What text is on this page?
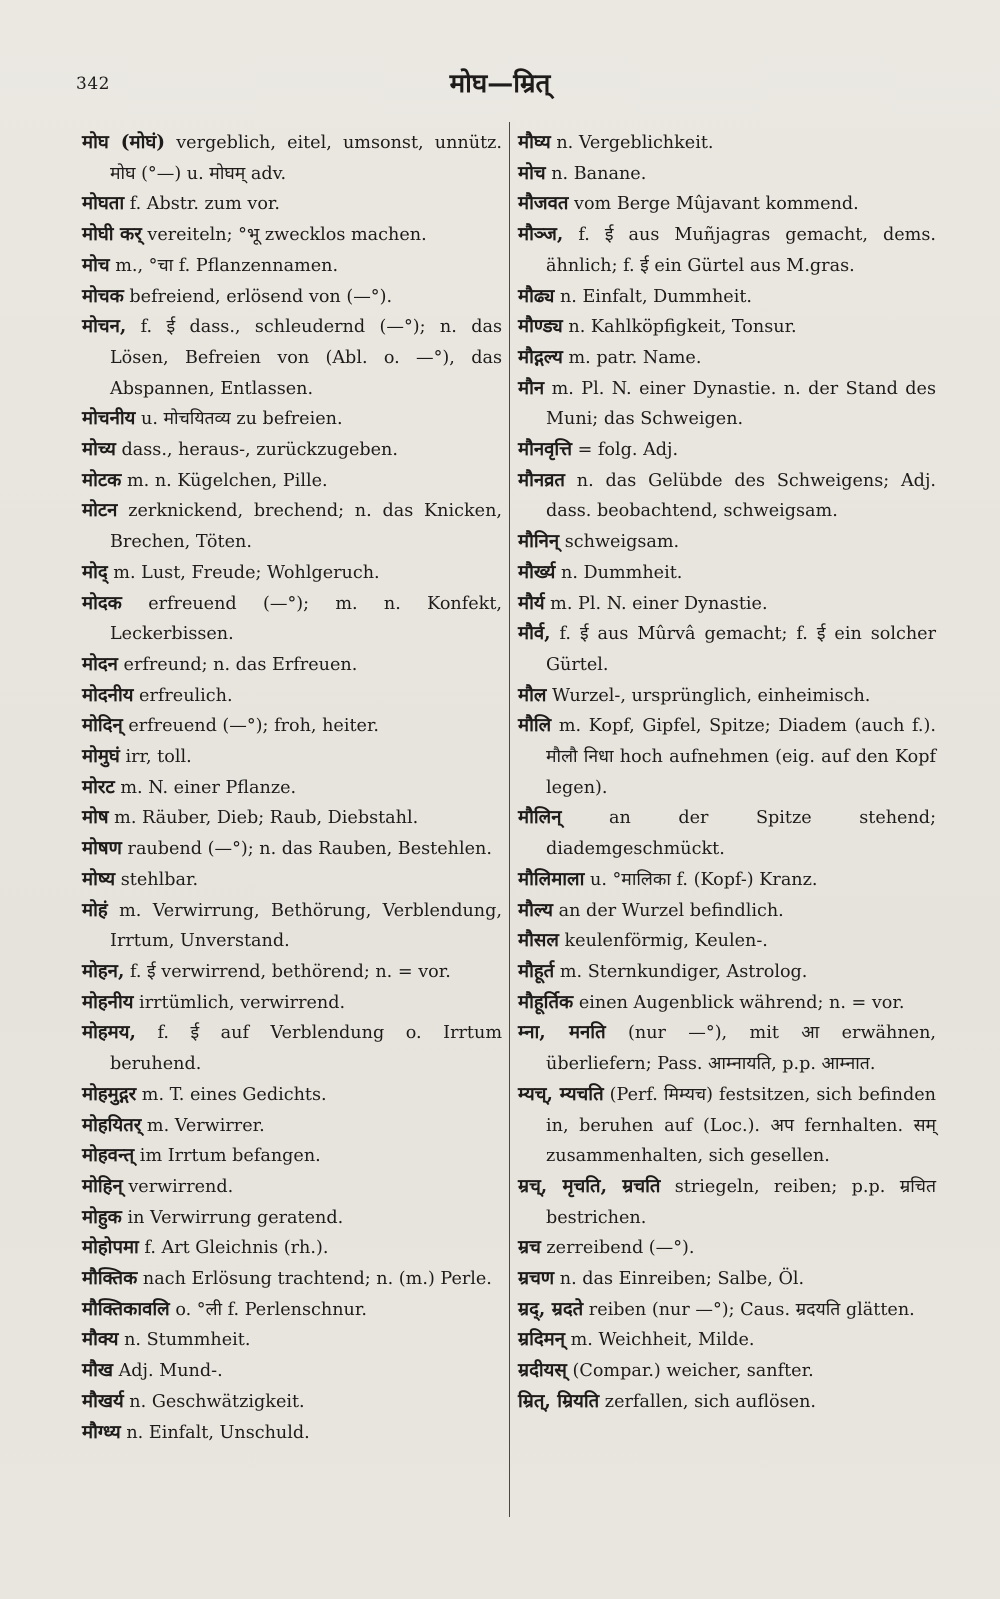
342	मोघ—म्रित्

मोघ (मोघं) vergeblich, eitel, umsonst, unnütz. मोघ (°—) u. मोघम् adv.

मोघता f. Abstr. zum vor.

मोघी कर् vereiteln; °भू zwecklos machen.

मोच m., °चा f. Pflanzennamen.

मोचक befreiend, erlösend von (—°).

मोचन, f. ई dass., schleudernd (—°); n. das Lösen, Befreien von (Abl. o. —°), das Abspannen, Entlassen.

मोचनीय u. मोचयितव्य zu befreien.

मोच्य dass., heraus-, zurückzugeben.

मोटक m. n. Kügelchen, Pille.

मोटन zerknickend, brechend; n. das Knicken, Brechen, Töten.

मोद् m. Lust, Freude; Wohlgeruch.

मोदक erfreuend (—°); m. n. Konfekt, Leckerbissen.

मोदन erfreund; n. das Erfreuen.

मोदनीय erfreulich.

मोदिन् erfreuend (—°); froh, heiter.

मोमुघं irr, toll.

मोरट m. N. einer Pflanze.

मोष m. Räuber, Dieb; Raub, Diebstahl.

मोषण raubend (—°); n. das Rauben, Bestehlen.

मोष्य stehlbar.

मोहं m. Verwirrung, Bethörung, Verblendung, Irrtum, Unverstand.

मोहन, f. ई verwirrend, bethörend; n. = vor.

मोहनीय irrtümlich, verwirrend.

मोहमय, f. ई auf Verblendung o. Irrtum beruhend.

मोहमुद्गर m. T. eines Gedichts.

मोहयितर् m. Verwirrer.

मोहवन्त् im Irrtum befangen.

मोहिन् verwirrend.

मोहुक in Verwirrung geratend.

मोहोपमा f. Art Gleichnis (rh.).

मौक्तिक nach Erlösung trachtend; n. (m.) Perle.

मौक्तिकावलि o. °ली f. Perlenschnur.

मौक्य n. Stummheit.

मौख Adj. Mund-.

मौखर्य n. Geschwätzigkeit.

मौग्ध्य n. Einfalt, Unschuld.

मौघ्य n. Vergeblichkeit.

मोच n. Banane.

मौजवत vom Berge Mûjavant kommend.

मौञ्ज, f. ई aus Muñjagras gemacht, dems. ähnlich; f. ई ein Gürtel aus M.gras.

मौढ्य n. Einfalt, Dummheit.

मौण्ड्य n. Kahlköpfigkeit, Tonsur.

मौद्गल्य m. patr. Name.

मौन m. Pl. N. einer Dynastie. n. der Stand des Muni; das Schweigen.

मौनवृत्ति = folg. Adj.

मौनव्रत n. das Gelübde des Schweigens; Adj. dass. beobachtend, schweigsam.

मौनिन् schweigsam.

मौर्ख्य n. Dummheit.

मौर्य m. Pl. N. einer Dynastie.

मौर्व, f. ई aus Mûrvâ gemacht; f. ई ein solcher Gürtel.

मौल Wurzel-, ursprünglich, einheimisch.

मौलि m. Kopf, Gipfel, Spitze; Diadem (auch f.). मौलौ निधा hoch aufnehmen (eig. auf den Kopf legen).

मौलिन् an der Spitze stehend; diademgeschmückt.

मौलिमाला u. °मालिका f. (Kopf-) Kranz.

मौल्य an der Wurzel befindlich.

मौसल keulenförmig, Keulen-.

मौहूर्त m. Sternkundiger, Astrolog.

मौहूर्तिक einen Augenblick während; n. = vor.

म्ना, मनति (nur —°), mit आ erwähnen, überliefern; Pass. आम्नायति, p.p. आम्नात.

म्यच्, म्यचति (Perf. मिम्यच) festsitzen, sich befinden in, beruhen auf (Loc.). अप fernhalten. सम् zusammenhalten, sich gesellen.

म्रच्, मृचति, म्रचति striegeln, reiben; p.p. म्रचित bestrichen.

म्रच zerreibend (—°).

म्रचण n. das Einreiben; Salbe, Öl.

म्रद्, म्रदते reiben (nur —°); Caus. म्रदयति glätten.

म्रदिमन् m. Weichheit, Milde.

म्रदीयस् (Compar.) weicher, sanfter.

म्रित्, म्रियति zerfallen, sich auflösen.
